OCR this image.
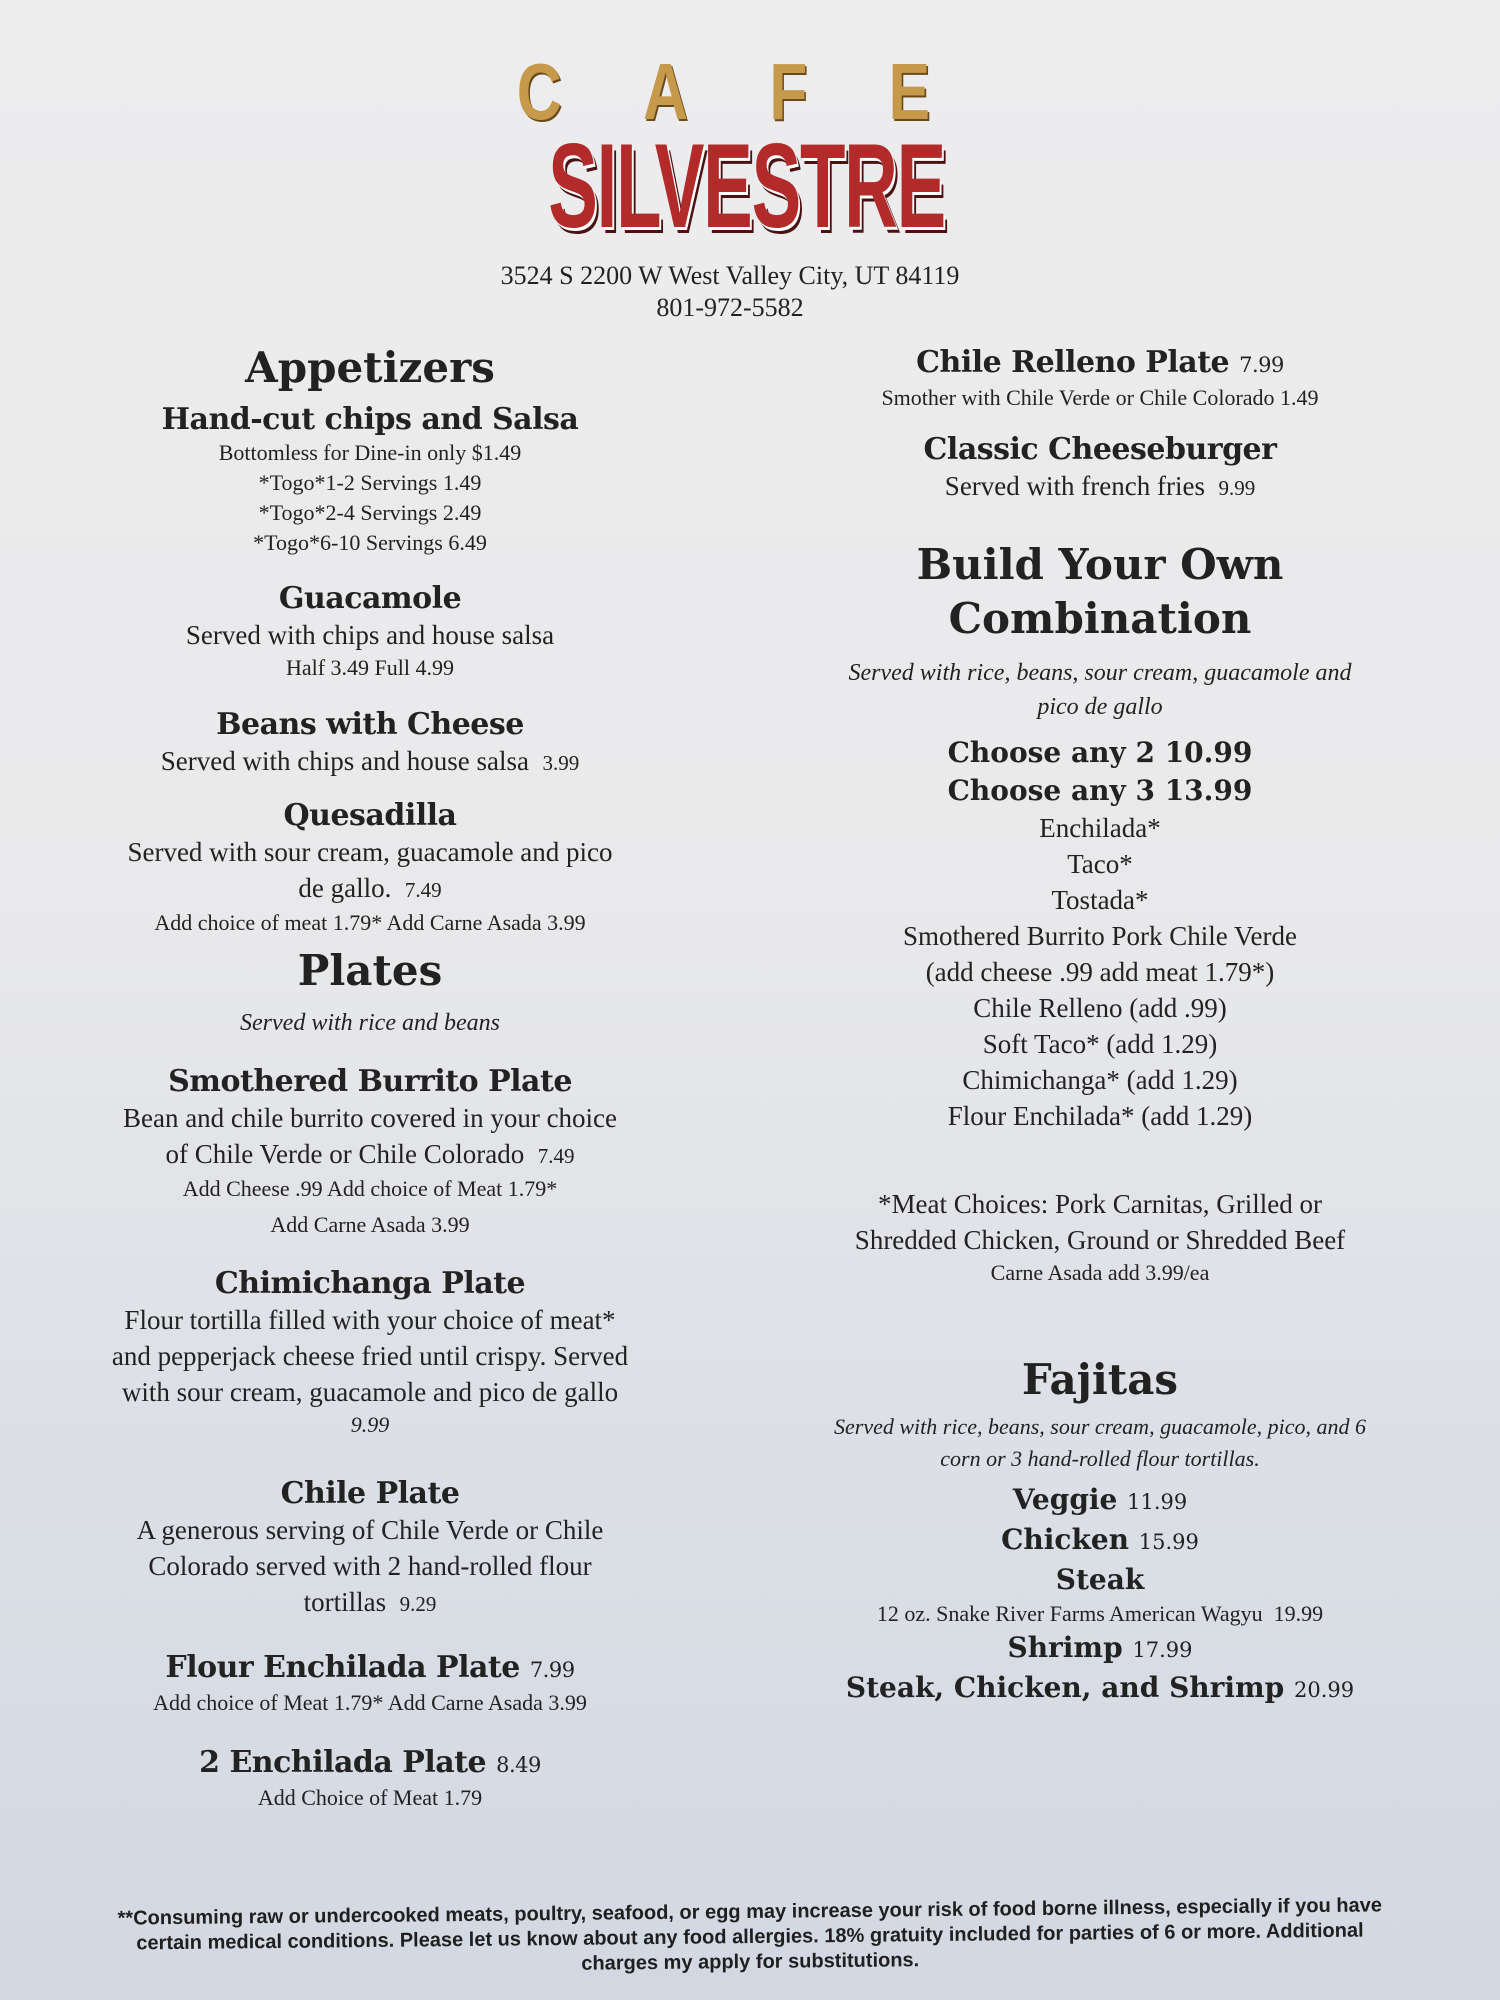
C A F E
SILVESTRE
3524 S 2200 W West Valley City, UT 84119
801-972-5582
Appetizers
Hand-cut chips and Salsa
Bottomless for Dine-in only $1.49
*Togo*1-2 Servings 1.49
*Togo*2-4 Servings 2.49
*Togo*6-10 Servings 6.49
Guacamole
Served with chips and house salsa
Half 3.49 Full 4.99
Beans with Cheese
Served with chips and house salsa 3.99
Quesadilla
Served with sour cream, guacamole and pico
de gallo. 7.49
Add choice of meat 1.79* Add Carne Asada 3.99
Plates
Served with rice and beans
Smothered Burrito Plate
Bean and chile burrito covered in your choice
of Chile Verde or Chile Colorado 7.49
Add Cheese .99 Add choice of Meat 1.79*
Add Carne Asada 3.99
Chimichanga Plate
Flour tortilla filled with your choice of meat*
and pepperjack cheese fried until crispy. Served
with sour cream, guacamole and pico de gallo
9.99
Chile Plate
A generous serving of Chile Verde or Chile
Colorado served with 2 hand-rolled flour
tortillas 9.29
Flour Enchilada Plate 7.99
Add choice of Meat 1.79* Add Carne Asada 3.99
2 Enchilada Plate 8.49
Add Choice of Meat 1.79
Chile Relleno Plate 7.99
Smother with Chile Verde or Chile Colorado 1.49
Classic Cheeseburger
Served with french fries 9.99
Build Your Own
Combination
Served with rice, beans, sour cream, guacamole and
pico de gallo
Choose any 2 10.99
Choose any 3 13.99
Enchilada*
Taco*
Tostada*
Smothered Burrito Pork Chile Verde
(add cheese .99 add meat 1.79*)
Chile Relleno (add .99)
Soft Taco* (add 1.29)
Chimichanga* (add 1.29)
Flour Enchilada* (add 1.29)
*Meat Choices: Pork Carnitas, Grilled or
Shredded Chicken, Ground or Shredded Beef
Carne Asada add 3.99/ea
Fajitas
Served with rice, beans, sour cream, guacamole, pico, and 6
corn or 3 hand-rolled flour tortillas.
Veggie 11.99
Chicken 15.99
Steak
12 oz. Snake River Farms American Wagyu 19.99
Shrimp 17.99
Steak, Chicken, and Shrimp 20.99
**Consuming raw or undercooked meats, poultry, seafood, or egg may increase your risk of food borne illness, especially if you have
certain medical conditions. Please let us know about any food allergies. 18% gratuity included for parties of 6 or more. Additional
charges my apply for substitutions.
